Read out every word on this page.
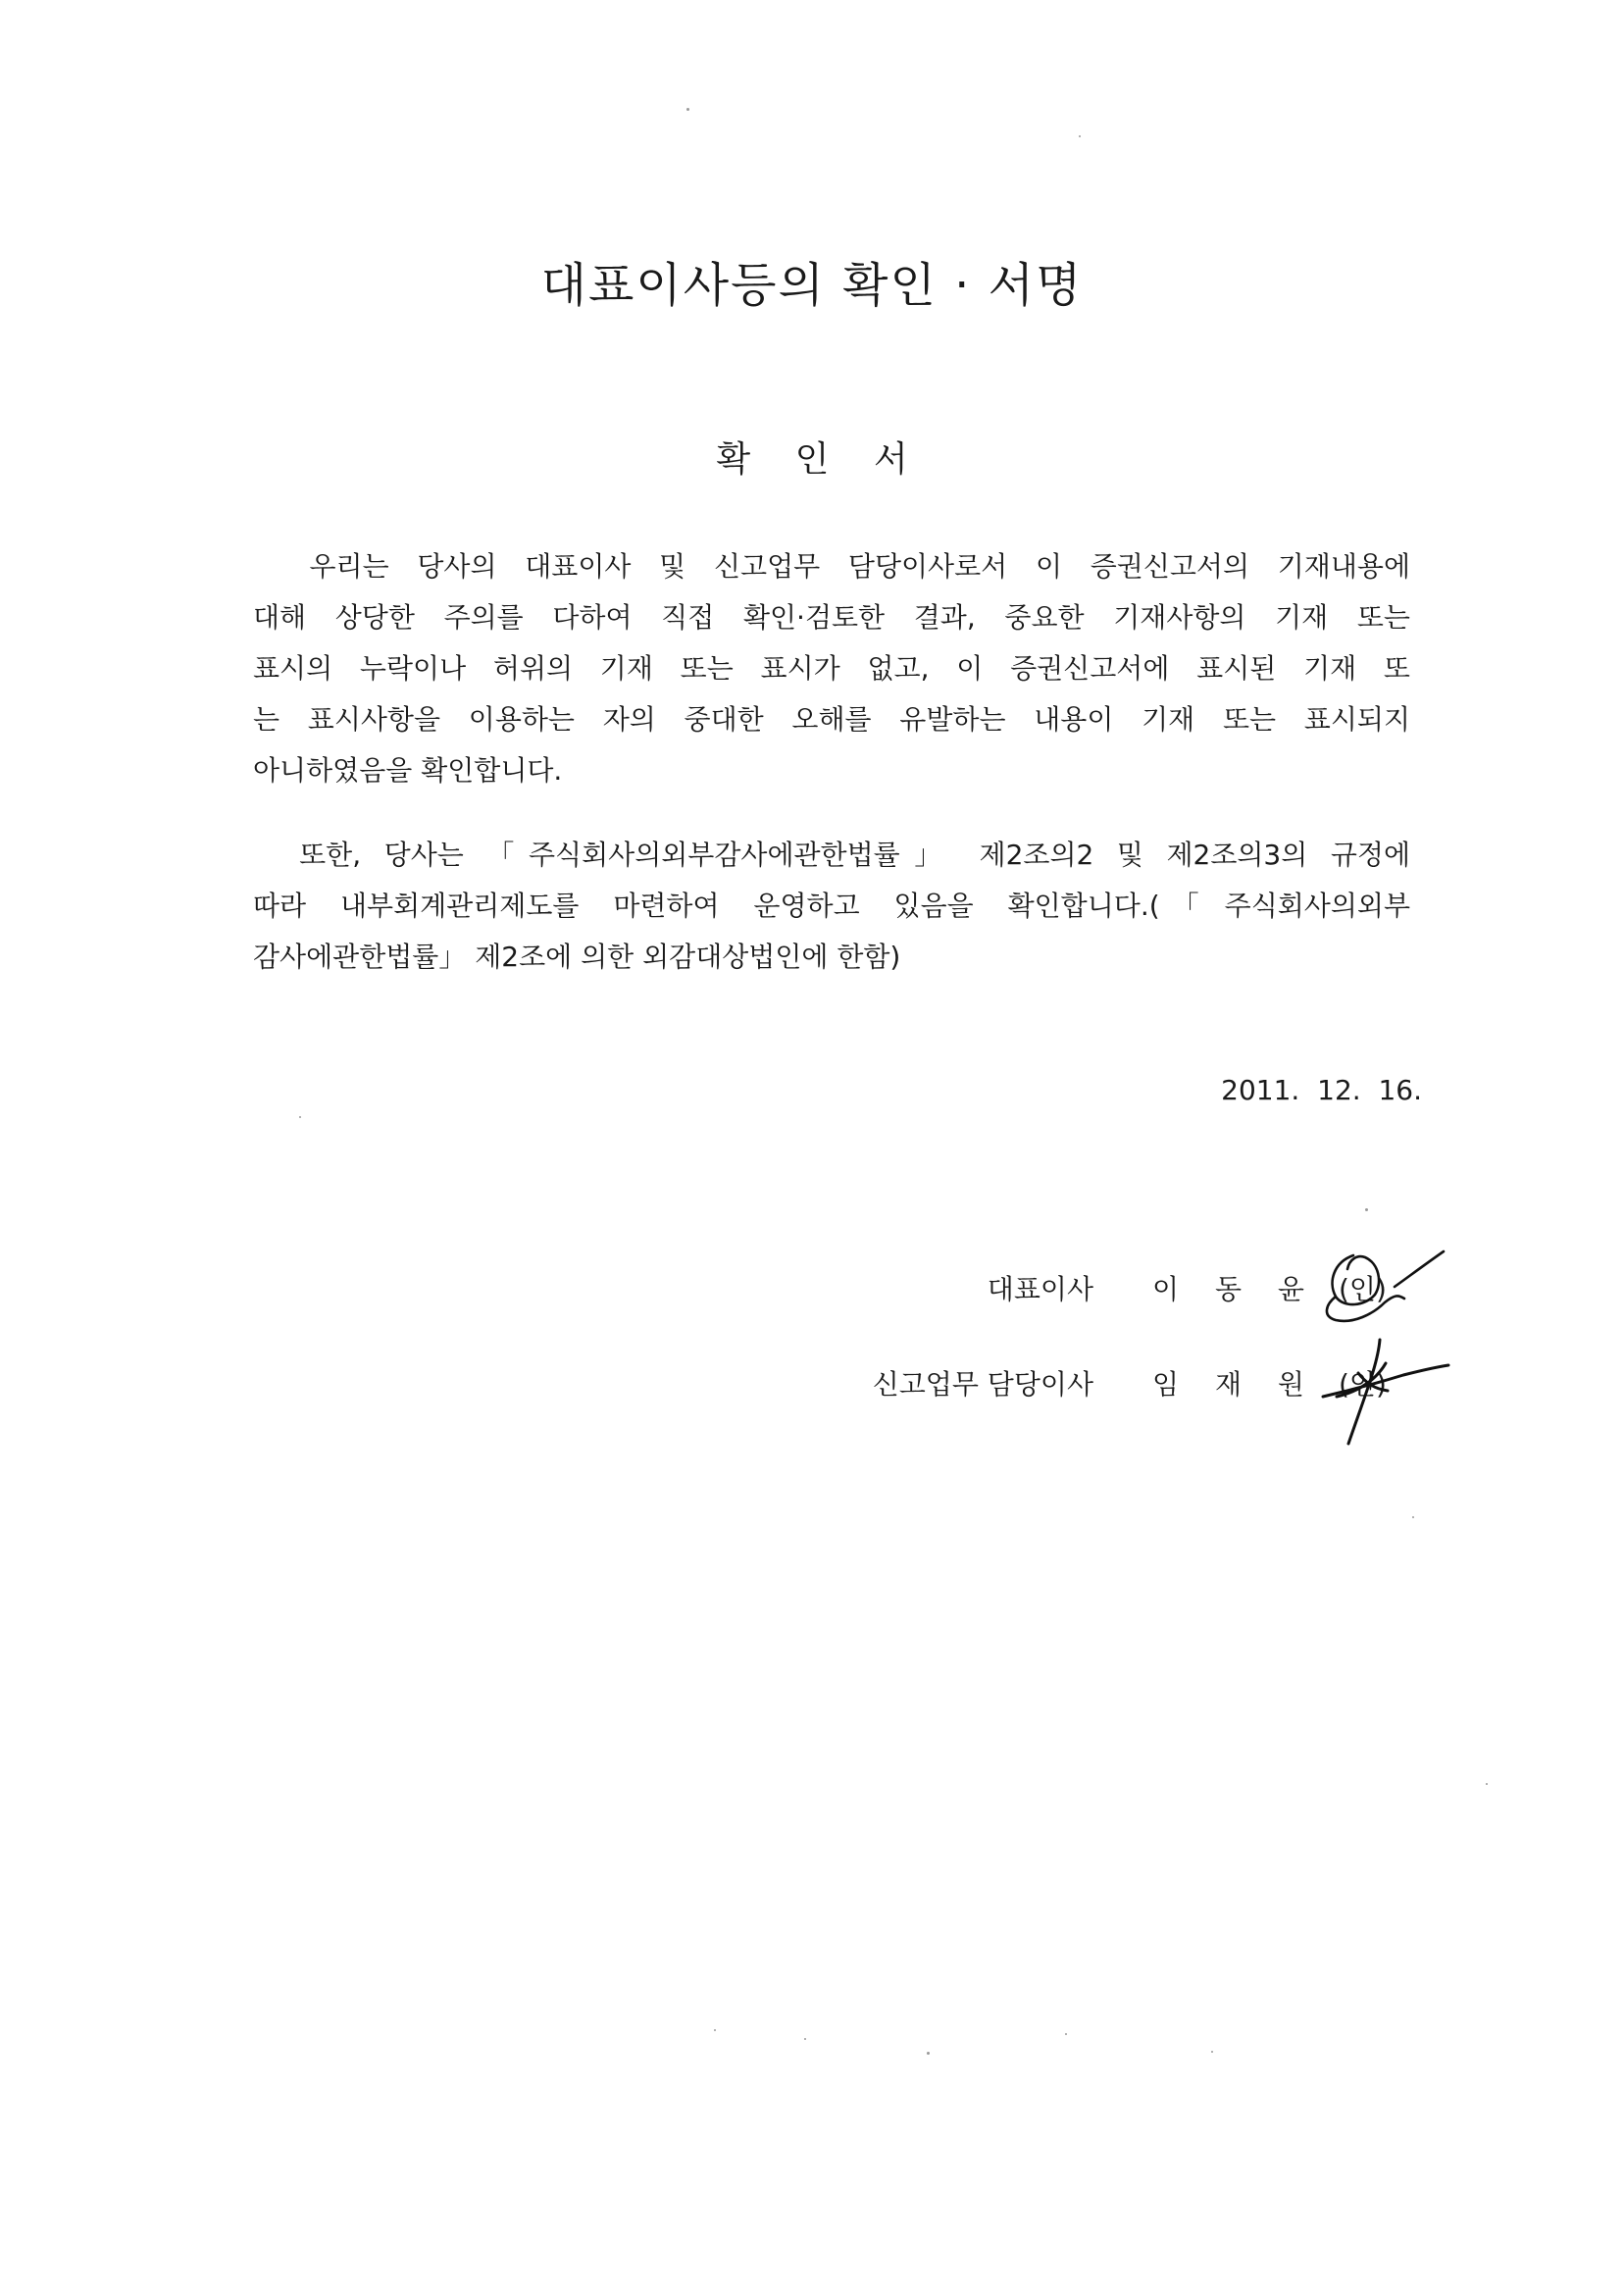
대표이사등의 확인 · 서명
확 인 서
우리는 당사의 대표이사 및 신고업무 담당이사로서 이 증권신고서의 기재내용에
대해 상당한 주의를 다하여 직접 확인·검토한 결과, 중요한 기재사항의 기재 또는
표시의 누락이나 허위의 기재 또는 표시가 없고, 이 증권신고서에 표시된 기재 또
는 표시사항을 이용하는 자의 중대한 오해를 유발하는 내용이 기재 또는 표시되지
아니하였음을 확인합니다.
또한, 당사는 「주식회사의외부감사에관한법률」 제2조의2 및 제2조의3의 규정에
따라 내부회계관리제도를 마련하여 운영하고 있음을 확인합니다.(「주식회사의외부
감사에관한법률」 제2조에 의한 외감대상법인에 한함)
2011.  12.  16.
대표이사 이 동 윤 (인)
신고업무 담당이사 임 재 원 (인)
